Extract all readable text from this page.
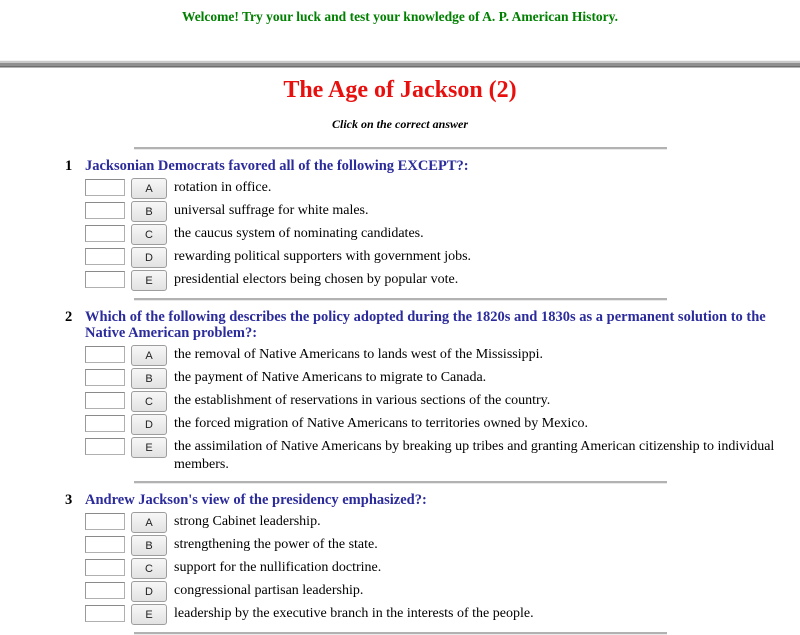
Welcome! Try your luck and test your knowledge of A. P. American History.
The Age of Jackson (2)
Click on the correct answer
1 Jacksonian Democrats favored all of the following EXCEPT?:
A	rotation in office.
B	universal suffrage for white males.
C	the caucus system of nominating candidates.
D	rewarding political supporters with government jobs.
E	presidential electors being chosen by popular vote.
2 Which of the following describes the policy adopted during the 1820s and 1830s as a permanent solution to the Native American problem?:
A	the removal of Native Americans to lands west of the Mississippi.
B	the payment of Native Americans to migrate to Canada.
C	the establishment of reservations in various sections of the country.
D	the forced migration of Native Americans to territories owned by Mexico.
E	the assimilation of Native Americans by breaking up tribes and granting American citizenship to individual members.
3 Andrew Jackson's view of the presidency emphasized?:
A	strong Cabinet leadership.
B	strengthening the power of the state.
C	support for the nullification doctrine.
D	congressional partisan leadership.
E	leadership by the executive branch in the interests of the people.
